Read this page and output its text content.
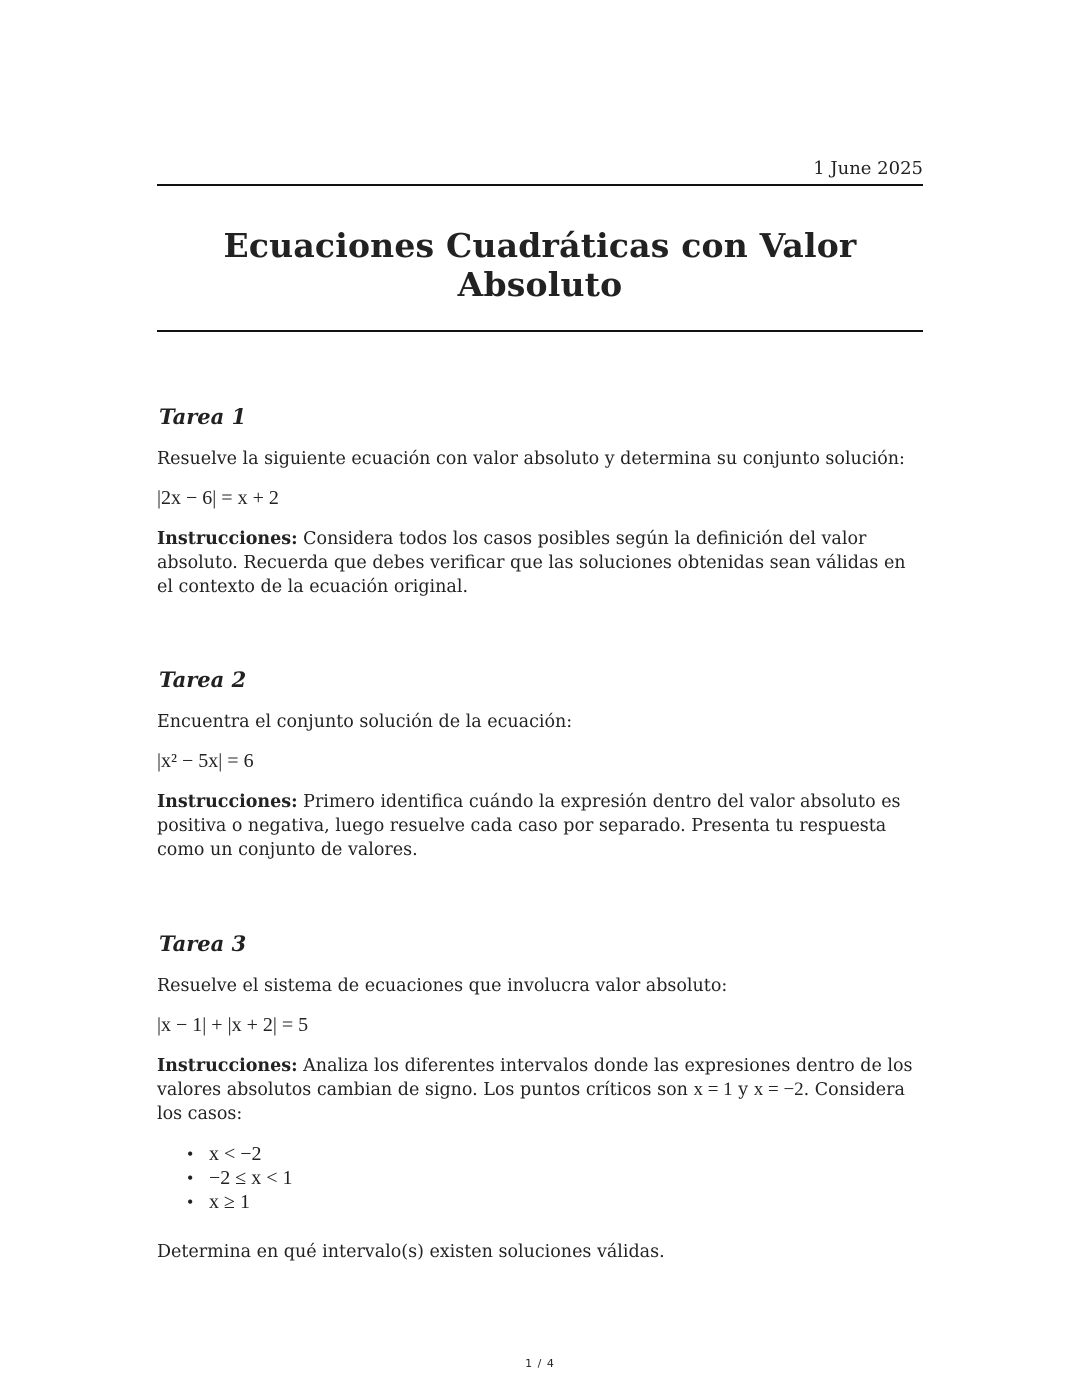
1 June 2025
Ecuaciones Cuadráticas con Valor Absoluto
Tarea 1

Resuelve la siguiente ecuación con valor absoluto y determina su conjunto solución:

|2x − 6| = x + 2

Instrucciones: Considera todos los casos posibles según la definición del valor absoluto. Recuerda que debes verificar que las soluciones obtenidas sean válidas en el contexto de la ecuación original.

Tarea 2

Encuentra el conjunto solución de la ecuación:

|x² − 5x| = 6

Instrucciones: Primero identifica cuándo la expresión dentro del valor absoluto es positiva o negativa, luego resuelve cada caso por separado. Presenta tu respuesta como un conjunto de valores.

Tarea 3

Resuelve el sistema de ecuaciones que involucra valor absoluto:

|x − 1| + |x + 2| = 5

Instrucciones: Analiza los diferentes intervalos donde las expresiones dentro de los valores absolutos cambian de signo. Los puntos críticos son x = 1 y x = −2. Considera los casos:

• x < −2
• −2 ≤ x < 1
• x ≥ 1

Determina en qué intervalo(s) existen soluciones válidas.

1 / 4
